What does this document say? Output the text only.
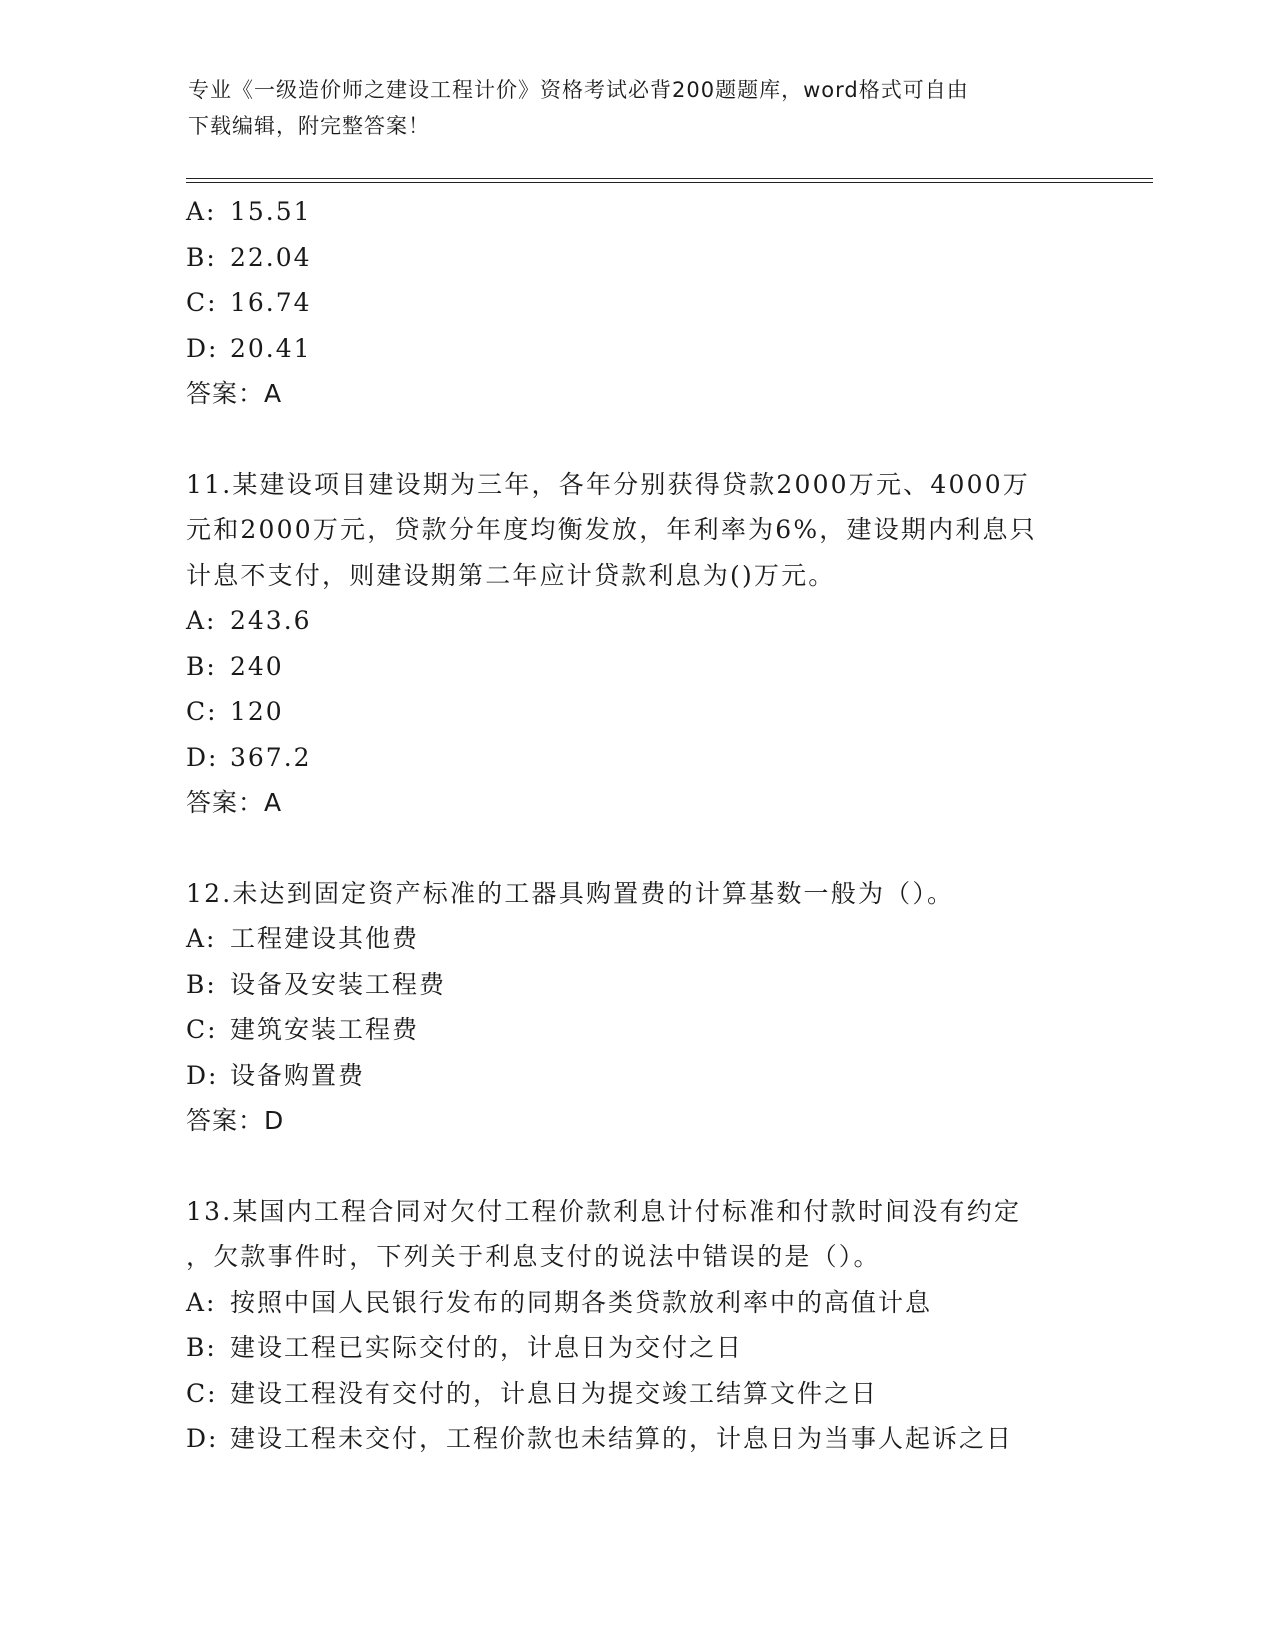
专业《一级造价师之建设工程计价》资格考试必背200题题库，word格式可自由
下载编辑，附完整答案！
A: 15.51
B: 22.04
C: 16.74
D: 20.41
答案：A
11.某建设项目建设期为三年，各年分别获得贷款2000万元、4000万
元和2000万元，贷款分年度均衡发放，年利率为6%，建设期内利息只
计息不支付，则建设期第二年应计贷款利息为()万元。
A: 243.6
B: 240
C: 120
D: 367.2
答案：A
12.未达到固定资产标准的工器具购置费的计算基数一般为（）。
A: 工程建设其他费
B: 设备及安装工程费
C: 建筑安装工程费
D: 设备购置费
答案：D
13.某国内工程合同对欠付工程价款利息计付标准和付款时间没有约定
，欠款事件时，下列关于利息支付的说法中错误的是（）。
A: 按照中国人民银行发布的同期各类贷款放利率中的高值计息
B: 建设工程已实际交付的，计息日为交付之日
C: 建设工程没有交付的，计息日为提交竣工结算文件之日
D: 建设工程未交付，工程价款也未结算的，计息日为当事人起诉之日
